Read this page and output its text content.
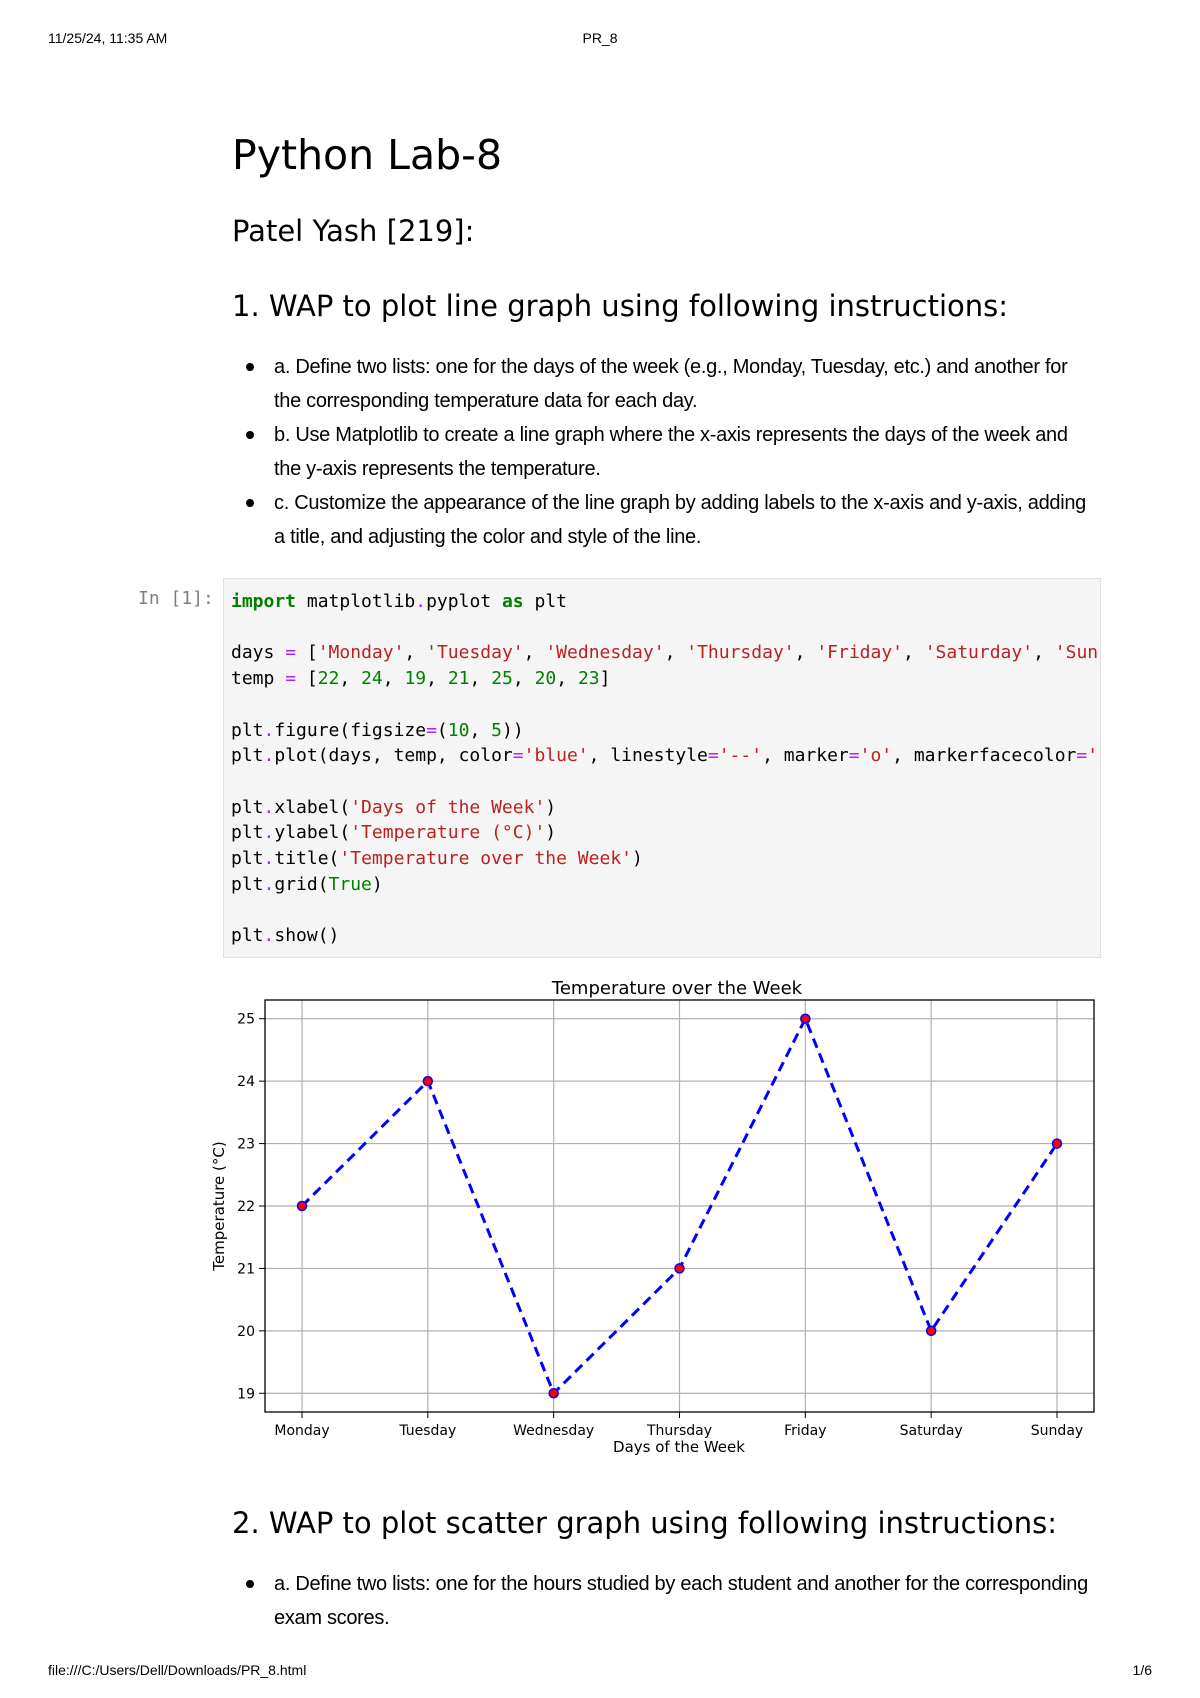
11/25/24, 11:35 AM	PR_8
Python Lab-8
Patel Yash [219]:
1. WAP to plot line graph using following instructions:
a. Define two lists: one for the days of the week (e.g., Monday, Tuesday, etc.) and another for the corresponding temperature data for each day.
b. Use Matplotlib to create a line graph where the x-axis represents the days of the week and the y-axis represents the temperature.
c. Customize the appearance of the line graph by adding labels to the x-axis and y-axis, adding a title, and adjusting the color and style of the line.
In [1]: import matplotlib.pyplot as plt

days = ['Monday', 'Tuesday', 'Wednesday', 'Thursday', 'Friday', 'Saturday', 'Sun
temp = [22, 24, 19, 21, 25, 20, 23]

plt.figure(figsize=(10, 5))
plt.plot(days, temp, color='blue', linestyle='--', marker='o', markerfacecolor='

plt.xlabel('Days of the Week')
plt.ylabel('Temperature (°C)')
plt.title('Temperature over the Week')
plt.grid(True)

plt.show()
Temperature over the Week
19
20
21
22
23
24
25
Monday	Tuesday	Wednesday	Thursday	Friday	Saturday	Sunday
Days of the Week
Temperature (°C)
2. WAP to plot scatter graph using following instructions:
a. Define two lists: one for the hours studied by each student and another for the corresponding exam scores.
file:///C:/Users/Dell/Downloads/PR_8.html	1/6
